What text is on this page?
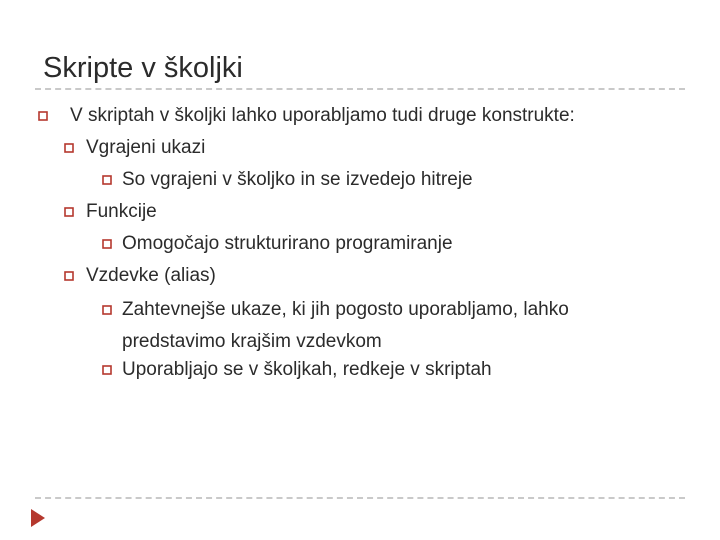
Skripte v školjki
V skriptah v školjki lahko uporabljamo tudi druge konstrukte:
Vgrajeni ukazi
So vgrajeni v školjko in se izvedejo hitreje
Funkcije
Omogočajo strukturirano programiranje
Vzdevke (alias)
Zahtevnejše ukaze, ki jih pogosto uporabljamo, lahko predstavimo krajšim vzdevkom
Uporabljajo se v školjkah, redkeje v skriptah
